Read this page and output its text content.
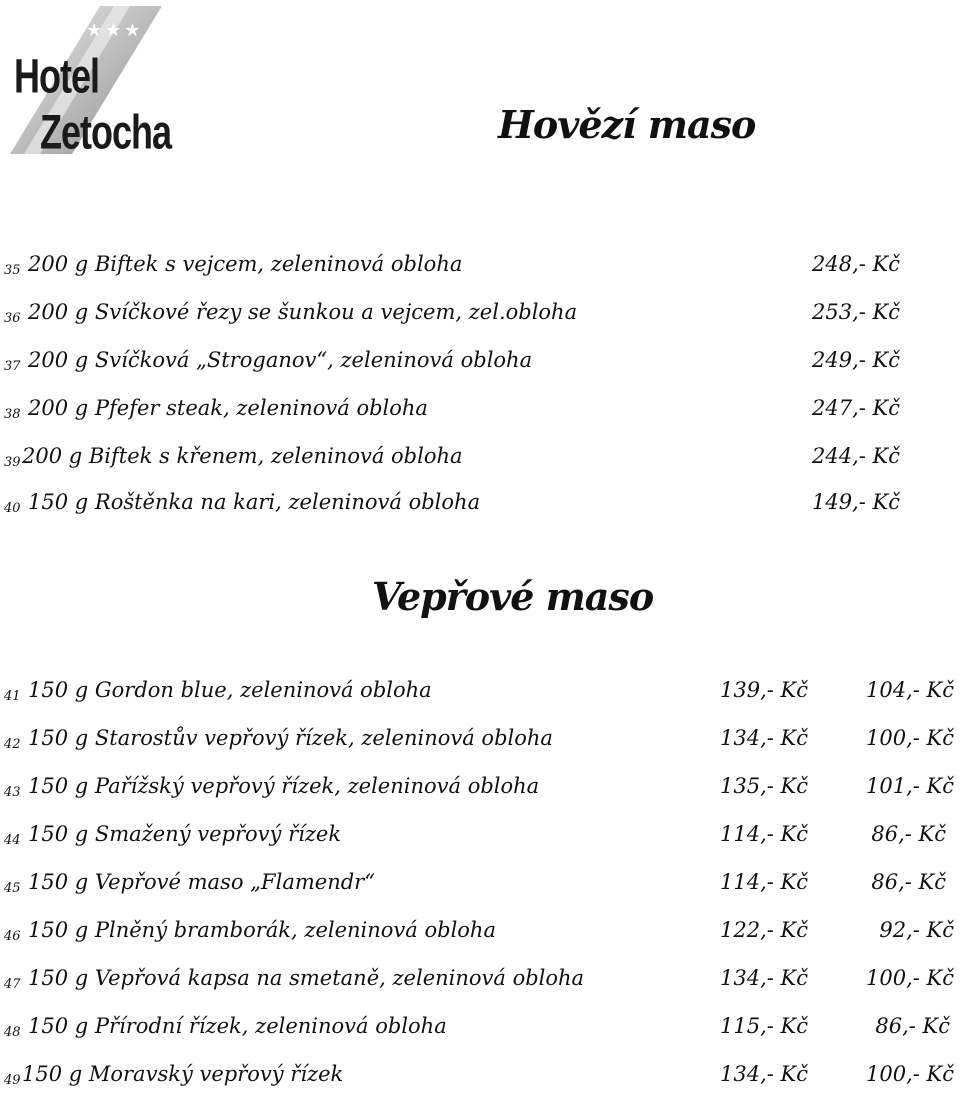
★★★
Hotel
Zetocha	Hovězí maso
35 200 g Biftek s vejcem, zeleninová obloha	248,- Kč
36 200 g Svíčkové řezy se šunkou a vejcem, zel.obloha	253,- Kč
37 200 g Svíčková „Stroganov“, zeleninová obloha	249,- Kč
38 200 g Pfefer steak, zeleninová obloha	247,- Kč
39 200 g Biftek s křenem, zeleninová obloha	244,- Kč
40 150 g Roštěnka na kari, zeleninová obloha	149,- Kč
Vepřové maso
41 150 g Gordon blue, zeleninová obloha	139,- Kč	104,- Kč
42 150 g Starostův vepřový řízek, zeleninová obloha	134,- Kč	100,- Kč
43 150 g Pařížský vepřový řízek, zeleninová obloha	135,- Kč	101,- Kč
44 150 g Smažený vepřový řízek	114,- Kč	86,- Kč
45 150 g Vepřové maso „Flamendr“	114,- Kč	86,- Kč
46 150 g Plněný bramborák, zeleninová obloha	122,- Kč	92,- Kč
47 150 g Vepřová kapsa na smetaně, zeleninová obloha	134,- Kč	100,- Kč
48 150 g Přírodní řízek, zeleninová obloha	115,- Kč	86,- Kč
49 150 g Moravský vepřový řízek	134,- Kč	100,- Kč
